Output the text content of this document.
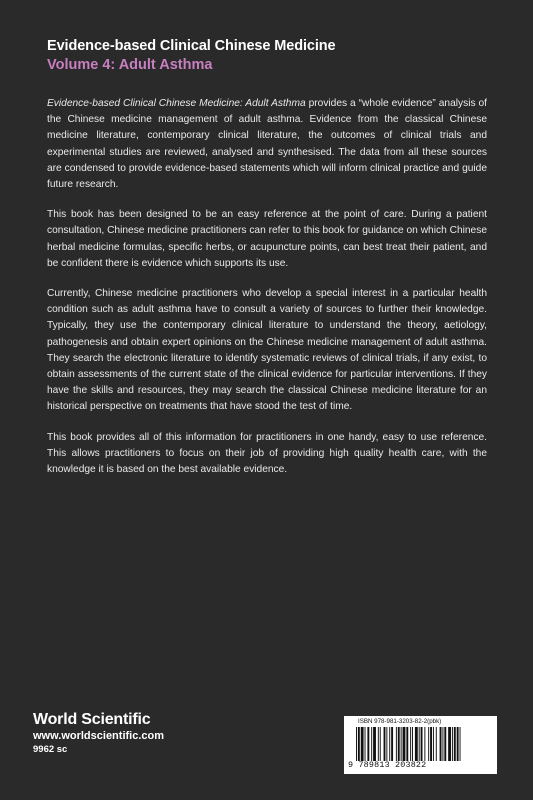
Evidence-based Clinical Chinese Medicine
Volume 4: Adult Asthma

Evidence-based Clinical Chinese Medicine: Adult Asthma provides a “whole evidence” analysis of the Chinese medicine management of adult asthma. Evidence from the classical Chinese medicine literature, contemporary clinical literature, the outcomes of clinical trials and experimental studies are reviewed, analysed and synthesised. The data from all these sources are condensed to provide evidence-based statements which will inform clinical practice and guide future research.

This book has been designed to be an easy reference at the point of care. During a patient consultation, Chinese medicine practitioners can refer to this book for guidance on which Chinese herbal medicine formulas, specific herbs, or acupuncture points, can best treat their patient, and be confident there is evidence which supports its use.

Currently, Chinese medicine practitioners who develop a special interest in a particular health condition such as adult asthma have to consult a variety of sources to further their knowledge. Typically, they use the contemporary clinical literature to understand the theory, aetiology, pathogenesis and obtain expert opinions on the Chinese medicine management of adult asthma. They search the electronic literature to identify systematic reviews of clinical trials, if any exist, to obtain assessments of the current state of the clinical evidence for particular interventions. If they have the skills and resources, they may search the classical Chinese medicine literature for an historical perspective on treatments that have stood the test of time.

This book provides all of this information for practitioners in one handy, easy to use reference. This allows practitioners to focus on their job of providing high quality health care, with the knowledge it is based on the best available evidence.

World Scientific
www.worldscientific.com
9962 sc
ISBN 978-981-3203-82-2(pbk)
9 789813 203822
